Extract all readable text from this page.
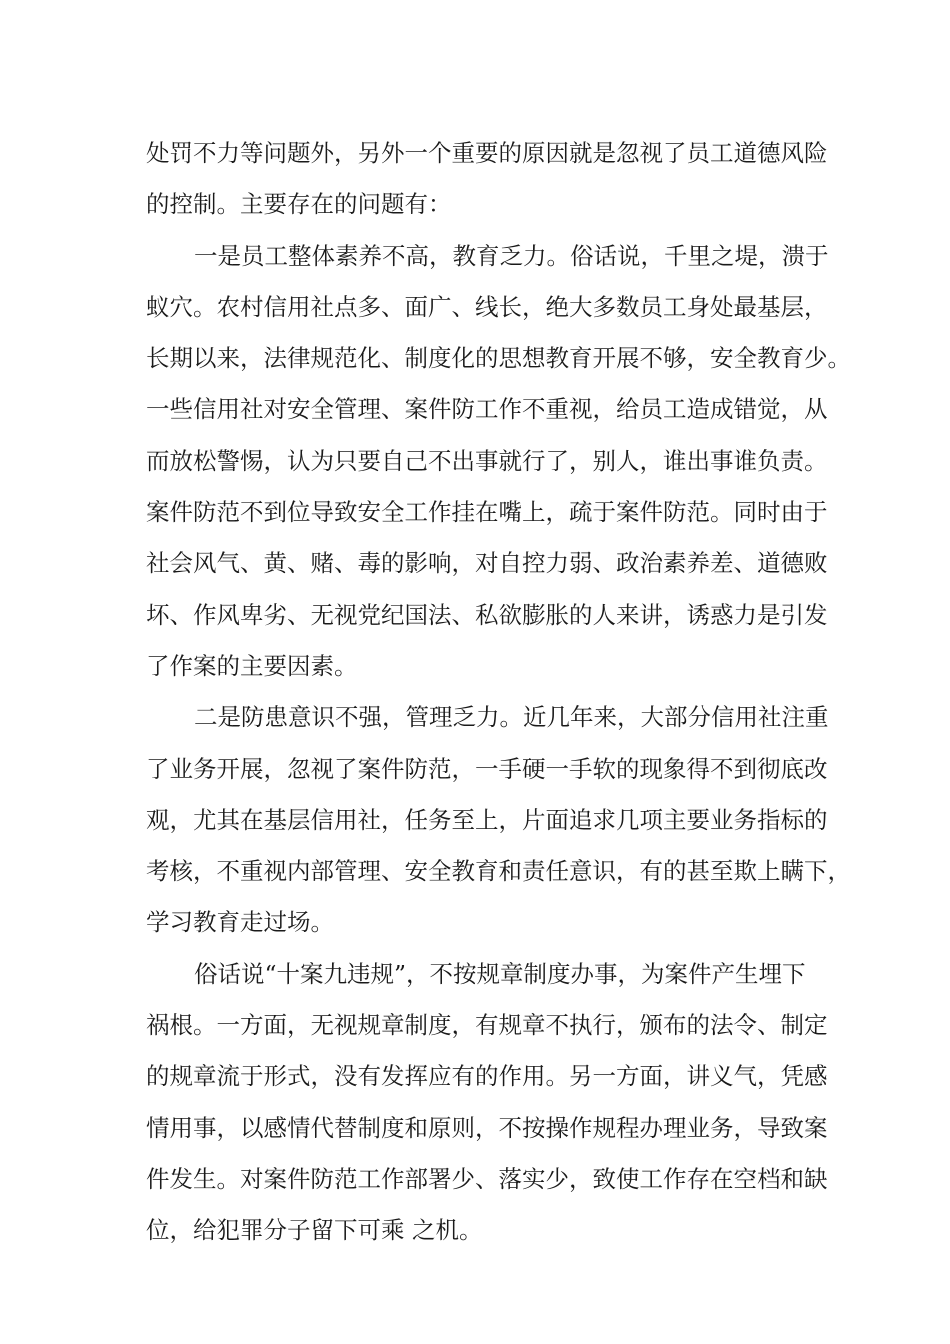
处罚不力等问题外，另外一个重要的原因就是忽视了员工道德风险
的控制。主要存在的问题有：
一是员工整体素养不高，教育乏力。俗话说，千里之堤，溃于
蚁穴。农村信用社点多、面广、线长，绝大多数员工身处最基层，
长期以来，法律规范化、制度化的思想教育开展不够，安全教育少。
一些信用社对安全管理、案件防工作不重视，给员工造成错觉，从
而放松警惕，认为只要自己不出事就行了，别人，谁出事谁负责。
案件防范不到位导致安全工作挂在嘴上，疏于案件防范。同时由于
社会风气、黄、赌、毒的影响，对自控力弱、政治素养差、道德败
坏、作风卑劣、无视党纪国法、私欲膨胀的人来讲，诱惑力是引发
了作案的主要因素。
二是防患意识不强，管理乏力。近几年来，大部分信用社注重
了业务开展，忽视了案件防范，一手硬一手软的现象得不到彻底改
观，尤其在基层信用社，任务至上，片面追求几项主要业务指标的
考核，不重视内部管理、安全教育和责任意识，有的甚至欺上瞒下，
学习教育走过场。
俗话说“十案九违规”，不按规章制度办事，为案件产生埋下
祸根。一方面，无视规章制度，有规章不执行，颁布的法令、制定
的规章流于形式，没有发挥应有的作用。另一方面，讲义气，凭感
情用事，以感情代替制度和原则，不按操作规程办理业务，导致案
件发生。对案件防范工作部署少、落实少，致使工作存在空档和缺
位，给犯罪分子留下可乘 之机。
